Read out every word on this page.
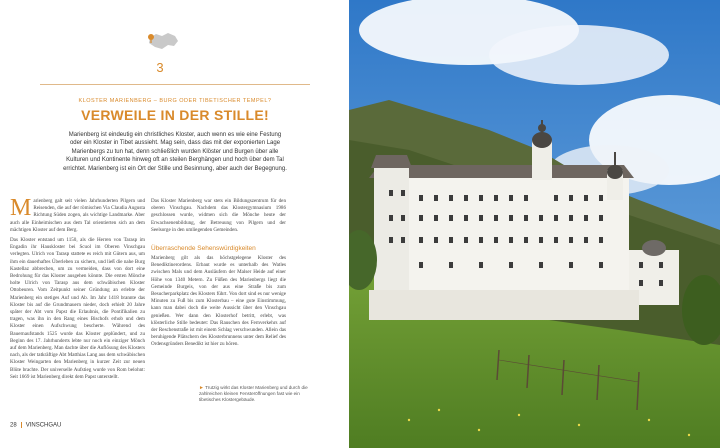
3
KLOSTER MARIENBERG – BURG ODER TIBETISCHER TEMPEL?
VERWEILE IN DER STILLE!
Marienberg ist eindeutig ein christliches Kloster, auch wenn es wie eine Festung oder ein Kloster in Tibet aussieht. Mag sein, dass das mit der exponierten Lage Marienbergs zu tun hat, denn schließlich wurden Klöster und Burgen über alle Kulturen und Kontinente hinweg oft an steilen Berghängen und hoch über dem Tal errichtet. Marienberg ist ein Ort der Stille und Besinnung, aber auch der Begegnung.
Marienberg galt seit vielen Jahrhunderten Pilgern und Reisenden, die auf der römischen Via Claudia Augusta Richtung Süden zogen, als wichtige Landmarke. Aber auch alle Einheimischen aus dem Tal orientierten sich an dem mächtigen Kloster auf dem Berg.
Das Kloster entstand um 1150, als die Herren von Tarasp im Engadin ihr Hauskloster bei Scuol im Oberen Vinschgau verlegten. Ulrich von Tarasp stattete es reich mit Gütern aus, um ihm ein dauerhaftes Überleben zu sichern, und ließ die nahe Burg Kastellaz abbrechen, um zu vermeiden, dass von dort eine Bedrohung für das Kloster ausgehen könnte. Die ersten Mönche holte Ulrich von Tarasp aus dem schwäbischen Kloster Ottobeuren. Vom Zeitpunkt seiner Gründung an erlebte der Marienberg ein stetiges Auf und Ab. Im Jahr 1418 brannte das Kloster bis auf die Grundmauern nieder, doch erhielt 20 Jahre später der Abt vom Papst die Erlaubnis, die Pontifikalien zu tragen, was ihn in den Rang eines Bischofs erhob und dem Kloster einen Aufschwung bescherte. Während des Bauernaufstands 1525 wurde das Kloster geplündert, und zu Beginn des 17. Jahrhunderts lebte nur noch ein einziger Mönch auf dem Marienberg. Man dachte über die Auflösung des Klosters nach, als der tatkräftige Abt Matthias Lang aus dem schwäbischen Kloster Weingarten den Marienberg in kurzer Zeit zur neuen Blüte brachte. Der universelle Aufstieg wurde von Rom belohnt: Seit 1669 ist Marienberg direkt dem Papst unterstellt.
Das Kloster Marienberg war stets ein Bildungszentrum für den oberen Vinschgau. Nachdem das Klostergymnasium 1986 geschlossen wurde, widmen sich die Mönche heute der Erwachsenenbildung, der Betreuung von Pilgern und der Seelsorge in den umliegenden Gemeinden.
Überraschende Sehenswürdigkeiten
Marienberg gilt als das höchstgelegene Kloster des Benediktinerordens. Erbaut wurde es unterhalb des Watles zwischen Mals und dem Ausläufern der Malser Heide auf einer Höhe von 1340 Metern. Zu Füßen des Marienbergs liegt die Gemeinde Burgeis, von der aus eine Straße bis zum Besucherparkplatz des Klosters führt. Von dort sind es nur wenige Minuten zu Fuß bis zum Klosterbau – eine gute Einstimmung, kann man dabei doch die weite Aussicht über den Vinschgau genießen. Wer dann den Klosterhof betritt, erlebt, was klösterliche Stille bedeutet: Das Rauschen des Fernverkehrs auf der Reschenstraße ist mit einem Schlag verschwunden. Allein das beruhigende Plätschern des Klosterbrunnens unter dem Relief des Ordensgründers Benedikt ist hier zu hören.
► Trutzig wirkt das Kloster Marienberg und durch die zahlreichen kleinen Fensteröffnungen fast wie ein tibetisches Klostergebäude.
28 VINSCHGAU
